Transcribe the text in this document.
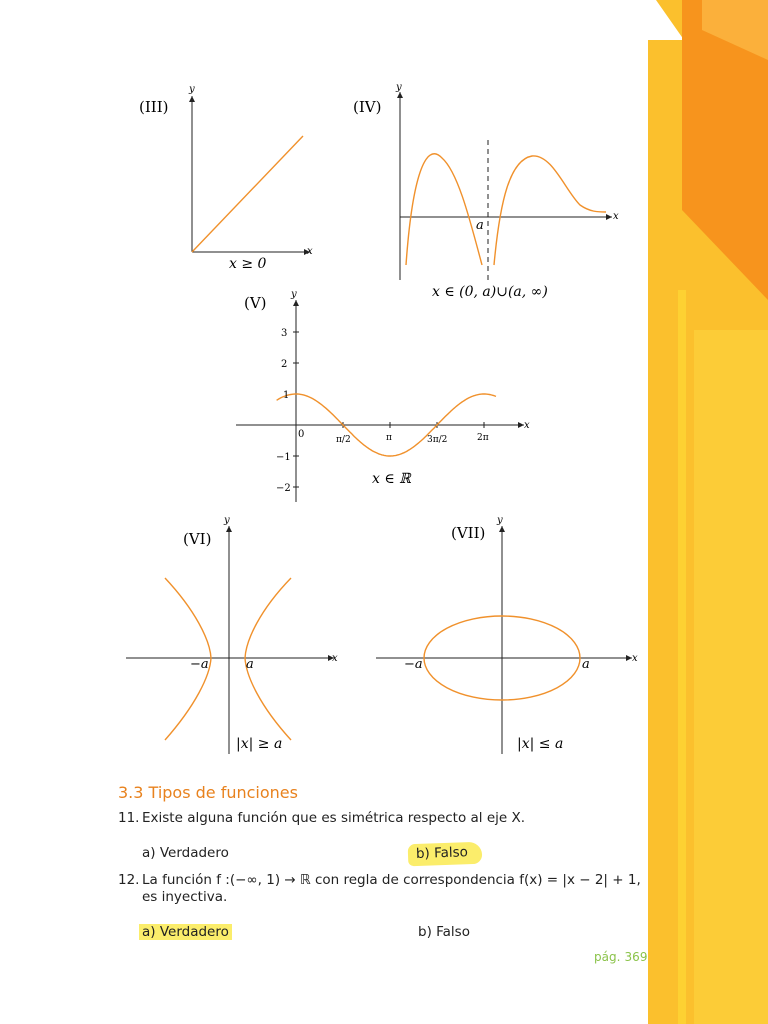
(III)
y
x
x ≥ 0
(IV)
y
x
a
x ∈ (0, a)∪(a, ∞)
(V) y
x
3
2
1
0
−1
−2
π/2	π	3π/2	2π
x ∈ ℝ
(VI)
y
x
−a	a
|x| ≥ a
(VII)
y
x
−a	a
|x| ≤ a
3.3 Tipos de funciones
11. Existe alguna función que es simétrica respecto al eje X.
a) Verdadero	b) Falso
12. La función f :(−∞, 1) → ℝ con regla de correspondencia f(x) = |x − 2| + 1,
es inyectiva.
a) Verdadero	b) Falso
pág. 369
